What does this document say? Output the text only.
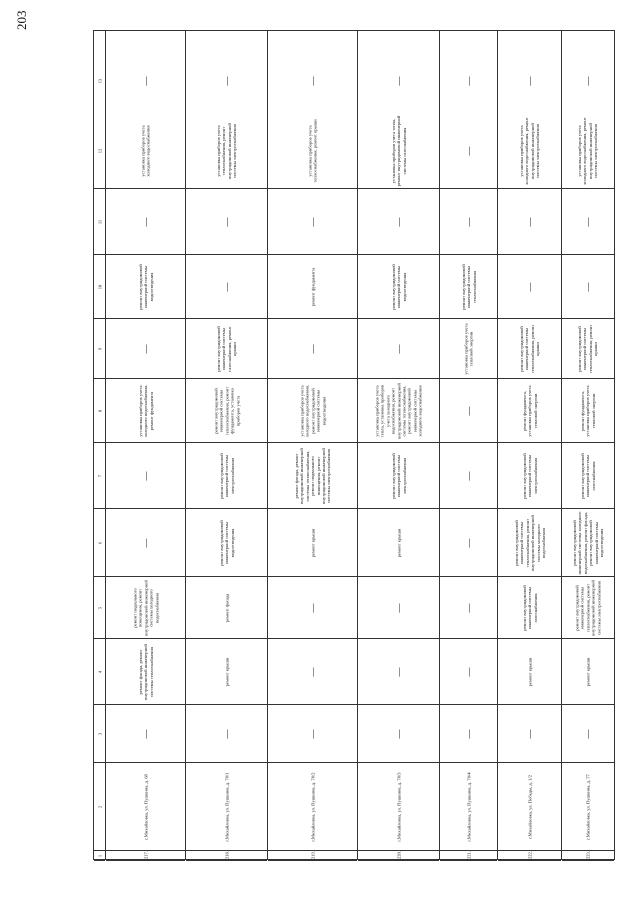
203
1
2
3
4
5
6
7
8
9
10
11
12
13
217.
г.Михайловка, ул. Пушкина, д. 68
—
ремонт фасада, ремонт внутридомовой инженерной системы теплоснабжения
ремонт подвального помещения, ремонт внутридомовой инженерной системы холодного водоснабжения
—
—
установка приборов учета холодного водоснабжения, ремонт фундамента
—
ремонт внутридомовой инженерной системы водоотведения
—
установка приборов учета холодного водоснабжения
—
218.
г.Михайловка, ул. Пушкина, д. 70/1
—
ремонт крыши
ремонт фасада
ремонт внутридомовой инженерной системы водоотведения
ремонт внутридомовой инженерной системы электроснабжения
ремонт внутридомовой инженерной системы теплоснабжения, ремонт фундамента, установка приборов учета
ремонт внутридомовой инженерной системы газоснабжения, ремонт крыши
—
—
установка приборов учета теплоснабжения, ремонт внутридомовой инженерной системы электроснабжения
—
219.
г.Михайловка, ул. Пушкина, д. 70/2
—
—
—
ремонт крыши
ремонт фасада, ремонт внутридомовой инженерной системы теплоснабжения, ремонт подвального помещения, ремонт внутридомовой инженерной системы электроснабжения
установка приборов учета холодного водоснабжения, ремонт внутридомовой инженерной системы водоотведения
—
ремонт фундамента
—
установка приборов учета теплоснабжения, ремонт крыши
—
220.
г.Михайловка, ул. Пушкина, д. 70/3
—
—
—
ремонт крыши
ремонт внутридомовой инженерной системы электроснабжения
установка приборов учета тепла, установка приборов учета холодного водоснабжения, ремонт внутридомовой инженерной системы теплоснабжения, ремонт внутридомовой инженерной системы холодного водоснабжения
—
ремонт внутридомовой инженерной системы водоотведения
—
установка приборов учета тепла, ремонт внутридомовой инженерной системы газоснабжения
—
221.
г.Михайловка, ул. Пушкина, д. 70/4
—
—
—
—
—
—
установка приборов учета тепловой энергии
ремонт внутридомовой инженерной системы теплоснабжения
—
—
—
222.
г.Михайловка, ул. Победы, д. 1/2
—
ремонт крыши
ремонт внутридомовой инженерной системы газоснабжения
ремонт внутридомовой инженерной системы теплоснабжения, ремонт внутридомовой инженерной системы холодного водоснабжения
ремонт внутридомовой инженерной системы электроснабжения
ремонт фундамента, установка приборов учета тепловой энергии
ремонт внутридомовой инженерной системы теплоснабжения, ремонт крыши
—
—
установка приборов учета холодного водоснабжения, ремонт внутридомовой инженерной системы электроснабжения
—
223.
г.Михайловка, ул. Пушкина, д. 77
—
ремонт крыши
ремонт внутридомовой инженерной системы теплоснабжения, ремонт внутридомовой инженерной системы электроснабжения
ремонт внутридомовой инженерной системы холодного водоснабжения, ремонт фасада, ремонт внутридомовой инженерной системы водоотведения
ремонт внутридомовой инженерной системы газоснабжения
ремонт фундамента, установка приборов учета тепловой энергии
ремонт внутридомовой инженерной системы теплоснабжения, ремонт крыши
—
—
установка приборов учета холодного водоснабжения, ремонт внутридомовой инженерной системы электроснабжения
—
